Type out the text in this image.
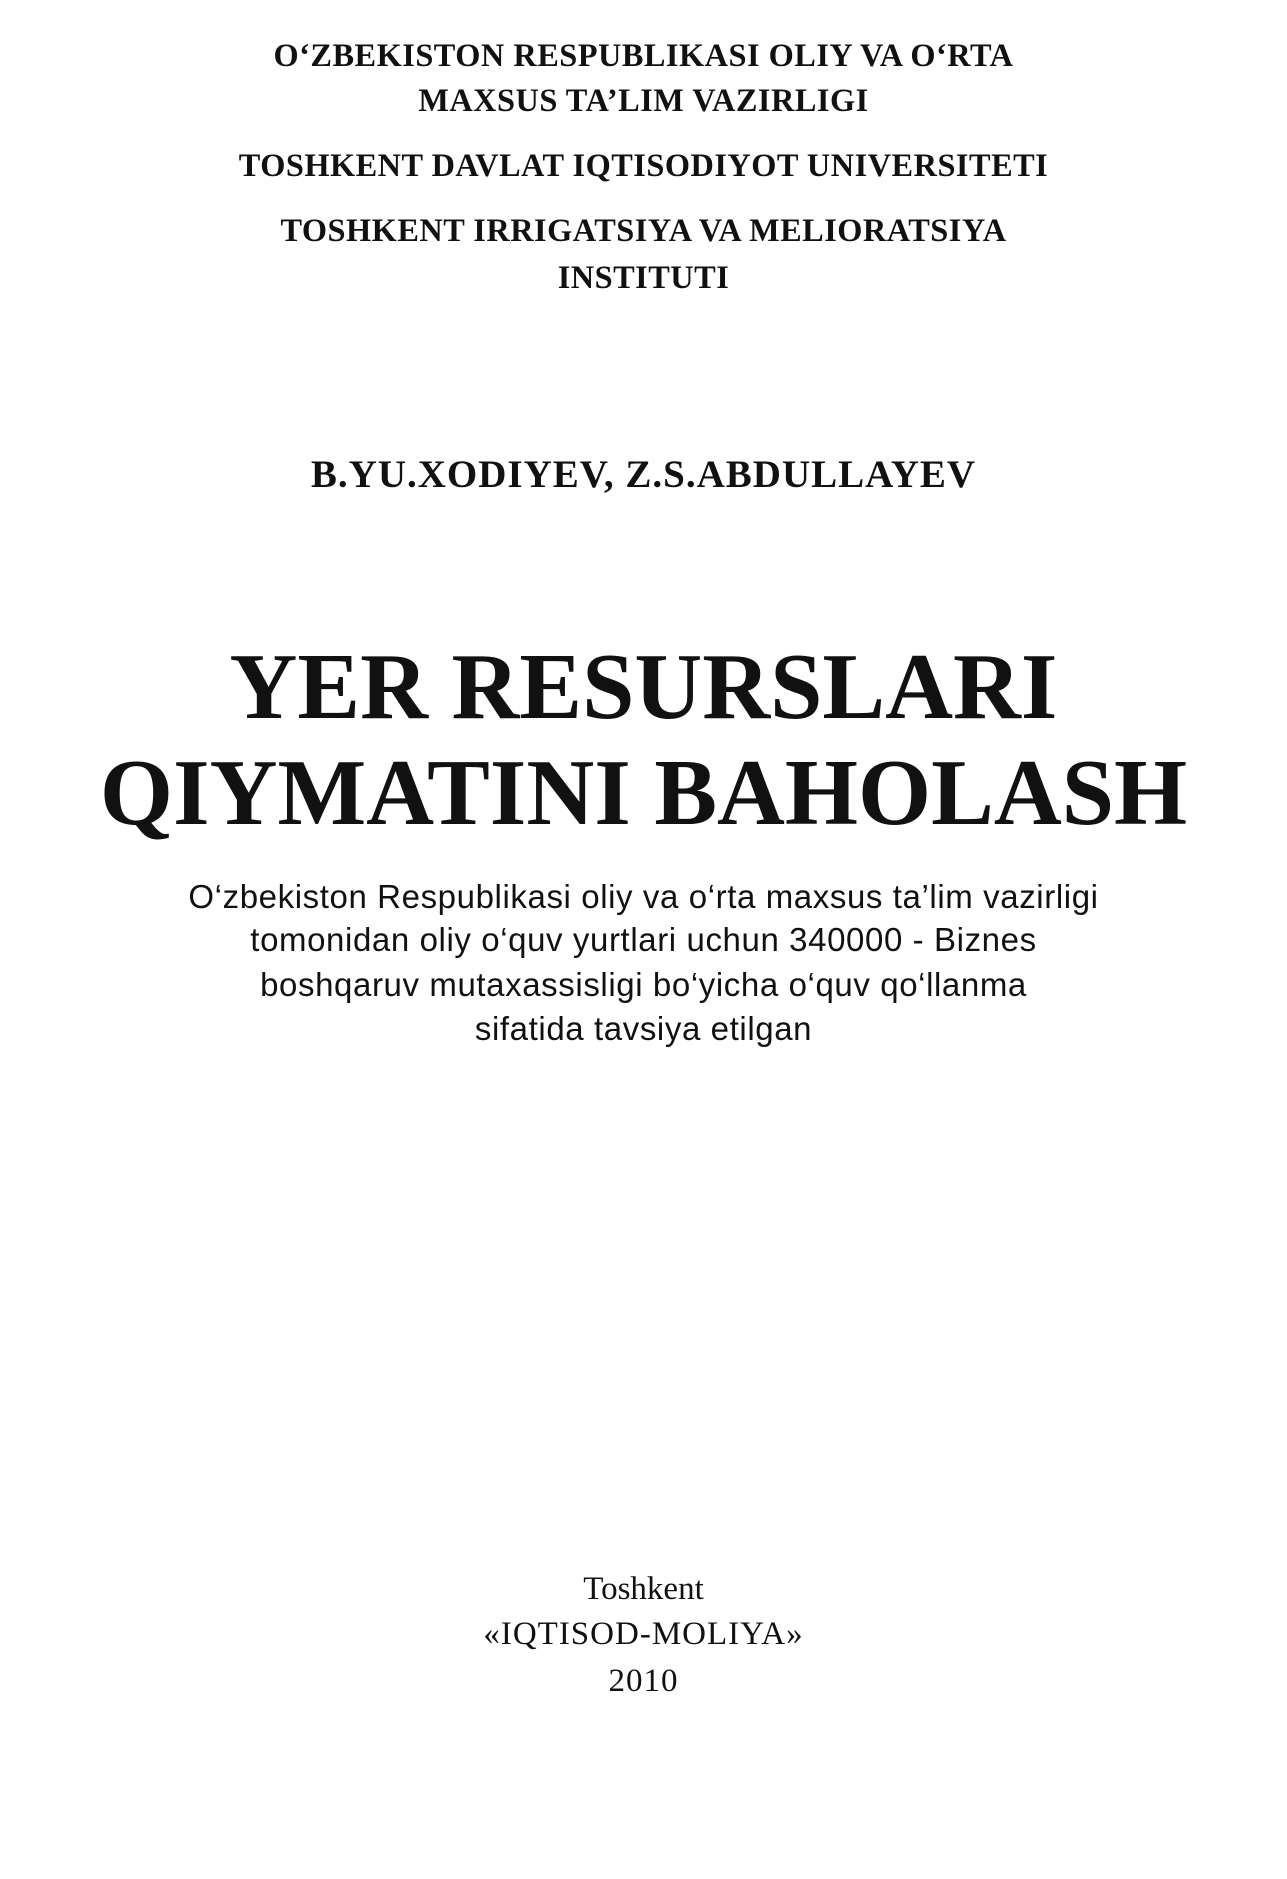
O‘ZBEKISTON RESPUBLIKASI OLIY VA O‘RTA
MAXSUS TA’LIM VAZIRLIGI
TOSHKENT DAVLAT IQTISODIYOT UNIVERSITETI
TOSHKENT IRRIGATSIYA VA MELIORATSIYA
INSTITUTI
B.YU.XODIYEV, Z.S.ABDULLAYEV
YER RESURSLARI
QIYMATINI BAHOLASH
O‘zbekiston Respublikasi oliy va o‘rta maxsus ta’lim vazirligi
tomonidan oliy o‘quv yurtlari uchun 340000 - Biznes
boshqaruv mutaxassisligi bo‘yicha o‘quv qo‘llanma
sifatida tavsiya etilgan
Toshkent
«IQTISOD-MOLIYA»
2010
